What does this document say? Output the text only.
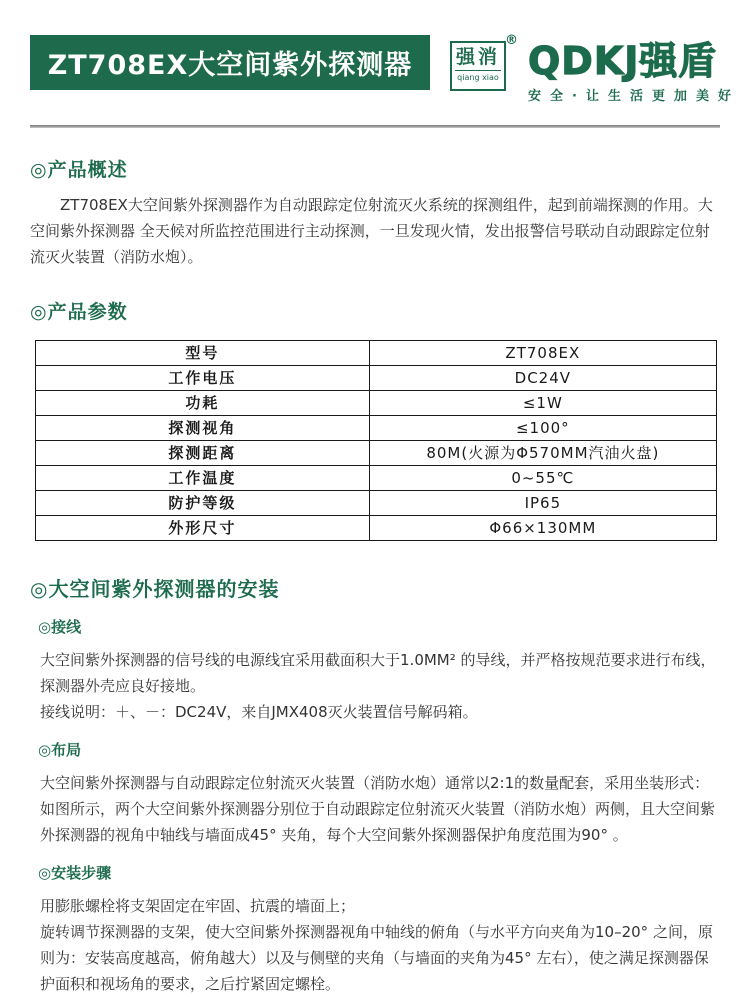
ZT708EX大空间紫外探测器	强消
qiang xiao
® QDKJ强盾
安全·让生活更加美好
◎产品概述

ZT708EX大空间紫外探测器作为自动跟踪定位射流灭火系统的探测组件，起到前端探测的作用。大空间紫外探测器 全天候对所监控范围进行主动探测，一旦发现火情，发出报警信号联动自动跟踪定位射流灭火装置（消防水炮）。

◎产品参数
型号	ZT708EX
工作电压	DC24V
功耗	≤1W
探测视角	≤100°
探测距离	80M(火源为Φ570MM汽油火盘)
工作温度	0~55℃
防护等级	IP65
外形尺寸	Φ66×130MM
◎大空间紫外探测器的安装
◎接线

大空间紫外探测器的信号线的电源线宜采用截面积大于1.0MM² 的导线，并严格按规范要求进行布线，探测器外壳应良好接地。

接线说明：＋、－：DC24V，来自JMX408灭火装置信号解码箱。

◎布局

大空间紫外探测器与自动跟踪定位射流灭火装置（消防水炮）通常以2:1的数量配套，采用坐装形式：如图所示，两个大空间紫外探测器分别位于自动跟踪定位射流灭火装置（消防水炮）两侧，且大空间紫外探测器的视角中轴线与墙面成45° 夹角，每个大空间紫外探测器保护角度范围为90° 。

◎安装步骤

用膨胀螺栓将支架固定在牢固、抗震的墙面上；

旋转调节探测器的支架，使大空间紫外探测器视角中轴线的俯角（与水平方向夹角为10–20° 之间，原则为：安装高度越高，俯角越大）以及与侧壁的夹角（与墙面的夹角为45° 左右），使之满足探测器保护面积和视场角的要求，之后拧紧固定螺栓。
